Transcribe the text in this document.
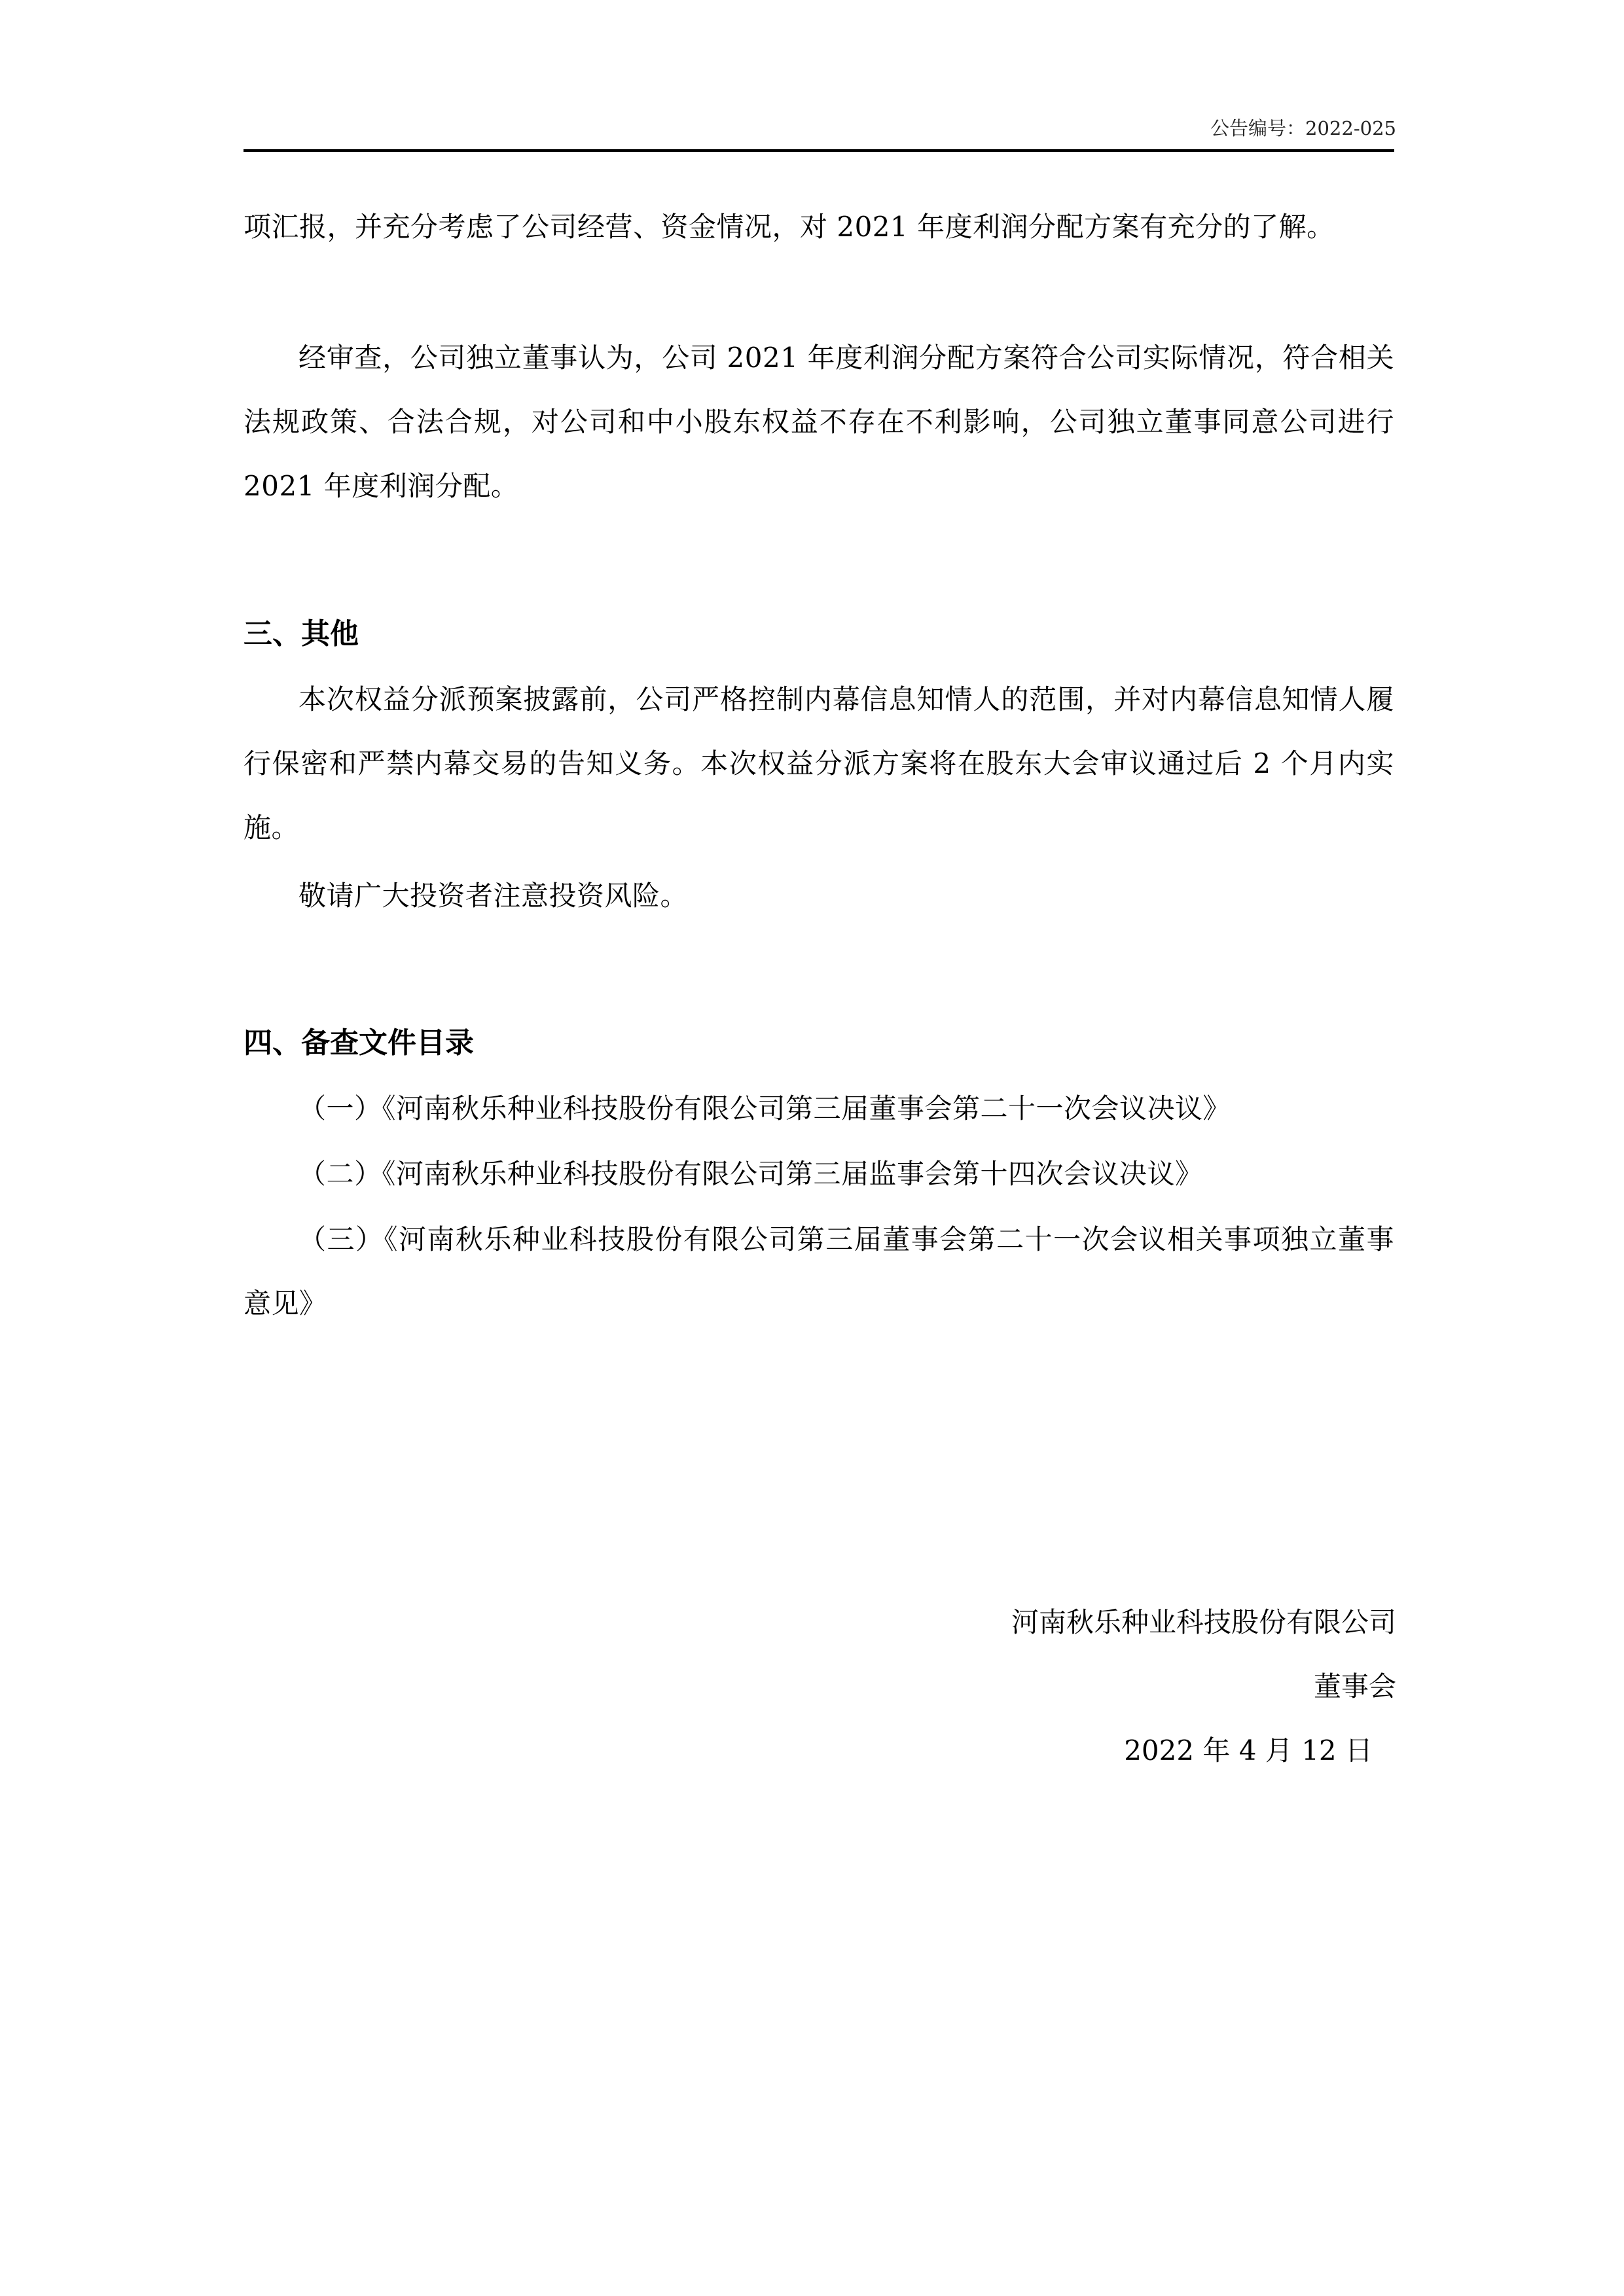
公告编号：2022-025

项汇报，并充分考虑了公司经营、资金情况，对 2021 年度利润分配方案有充分的了解。

经审查，公司独立董事认为，公司 2021 年度利润分配方案符合公司实际情况，符合相关法规政策、合法合规，对公司和中小股东权益不存在不利影响，公司独立董事同意公司进行 2021 年度利润分配。

三、其他

本次权益分派预案披露前，公司严格控制内幕信息知情人的范围，并对内幕信息知情人履行保密和严禁内幕交易的告知义务。本次权益分派方案将在股东大会审议通过后 2 个月内实施。

敬请广大投资者注意投资风险。

四、备查文件目录

（一）《河南秋乐种业科技股份有限公司第三届董事会第二十一次会议决议》

（二）《河南秋乐种业科技股份有限公司第三届监事会第十四次会议决议》

（三）《河南秋乐种业科技股份有限公司第三届董事会第二十一次会议相关事项独立董事意见》

河南秋乐种业科技股份有限公司
董事会
2022 年 4 月 12 日
